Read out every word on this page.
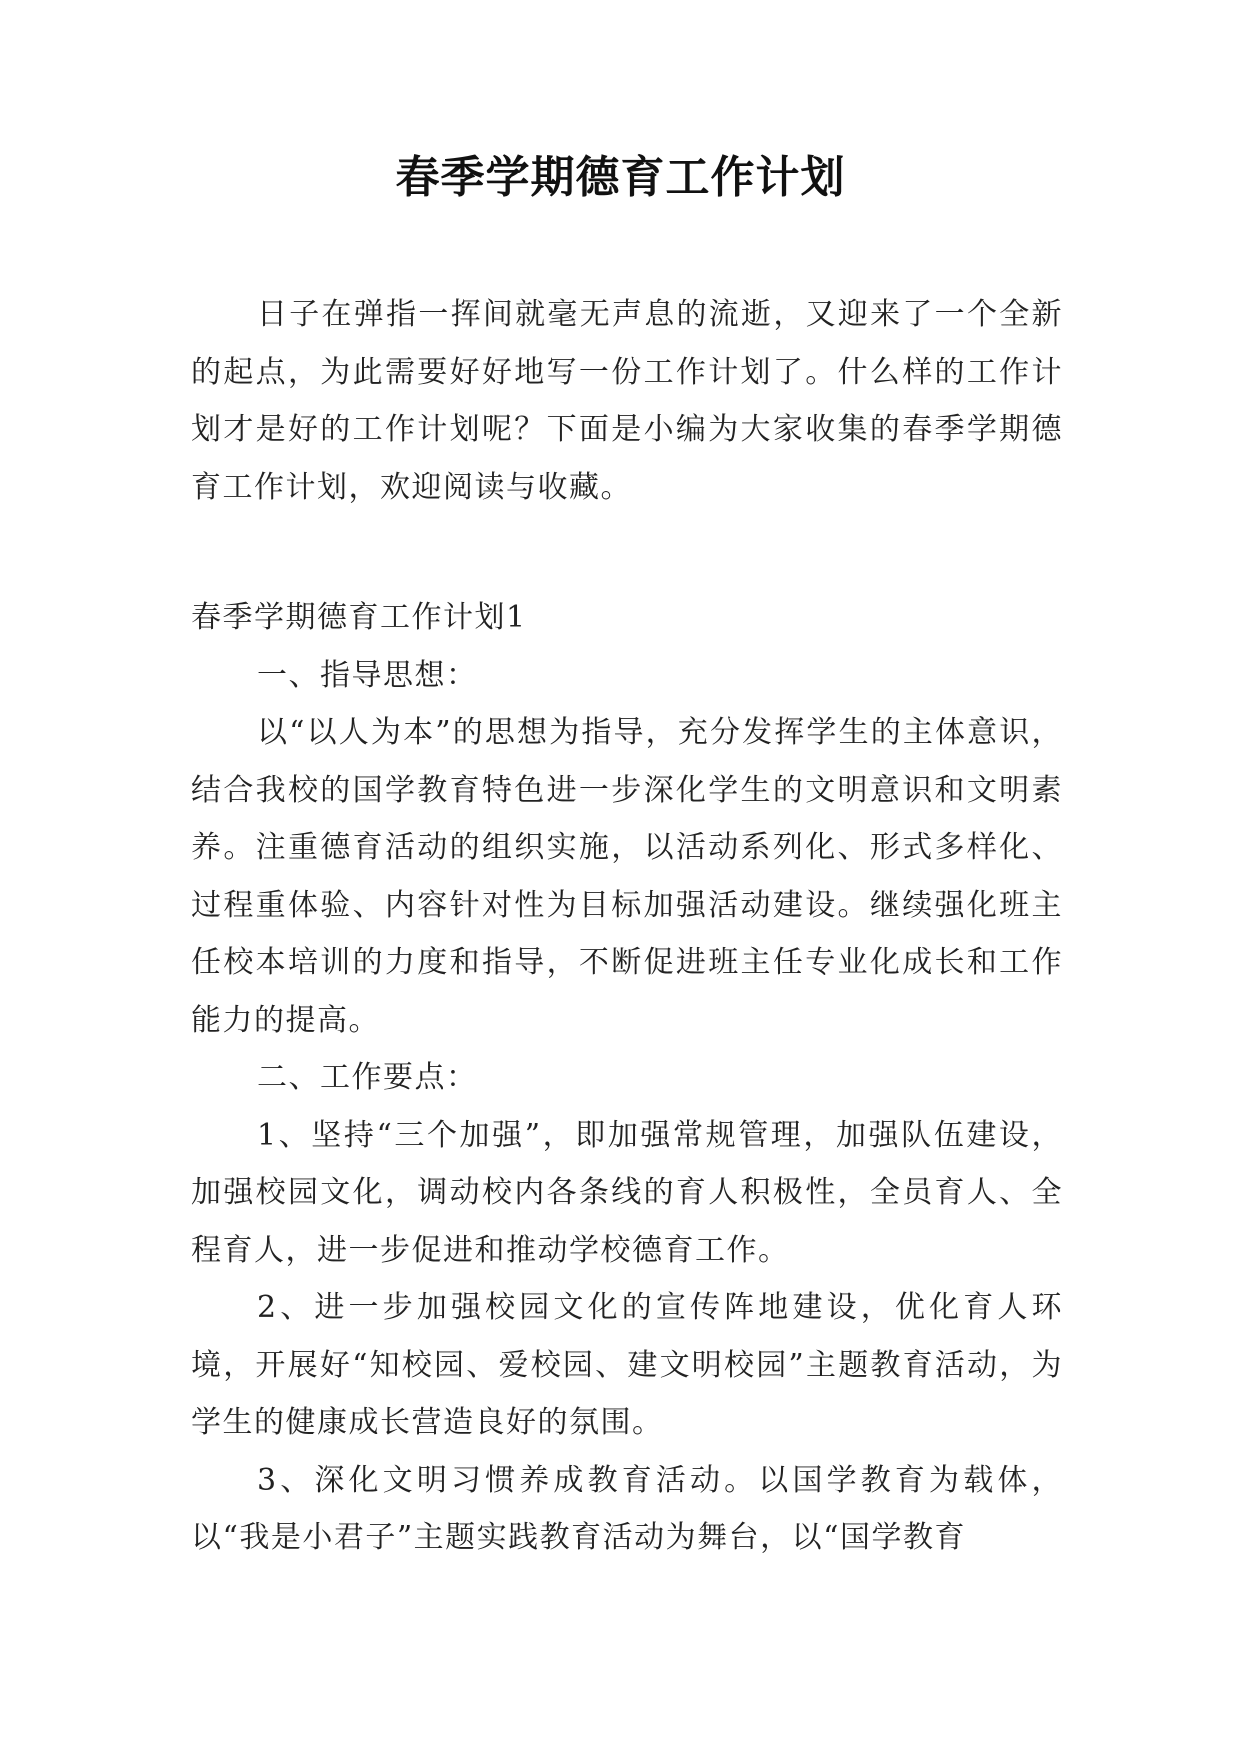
春季学期德育工作计划

日子在弹指一挥间就毫无声息的流逝，又迎来了一个全新的起点，为此需要好好地写一份工作计划了。什么样的工作计划才是好的工作计划呢？下面是小编为大家收集的春季学期德育工作计划，欢迎阅读与收藏。

春季学期德育工作计划1

一、指导思想：

以“以人为本”的思想为指导，充分发挥学生的主体意识，结合我校的国学教育特色进一步深化学生的文明意识和文明素养。注重德育活动的组织实施，以活动系列化、形式多样化、过程重体验、内容针对性为目标加强活动建设。继续强化班主任校本培训的力度和指导，不断促进班主任专业化成长和工作能力的提高。

二、工作要点：

1、坚持“三个加强”，即加强常规管理，加强队伍建设，加强校园文化，调动校内各条线的育人积极性，全员育人、全程育人，进一步促进和推动学校德育工作。

2、进一步加强校园文化的宣传阵地建设，优化育人环境，开展好“知校园、爱校园、建文明校园”主题教育活动，为学生的健康成长营造良好的氛围。

3、深化文明习惯养成教育活动。以国学教育为载体，以“我是小君子”主题实践教育活动为舞台，以“国学教育
